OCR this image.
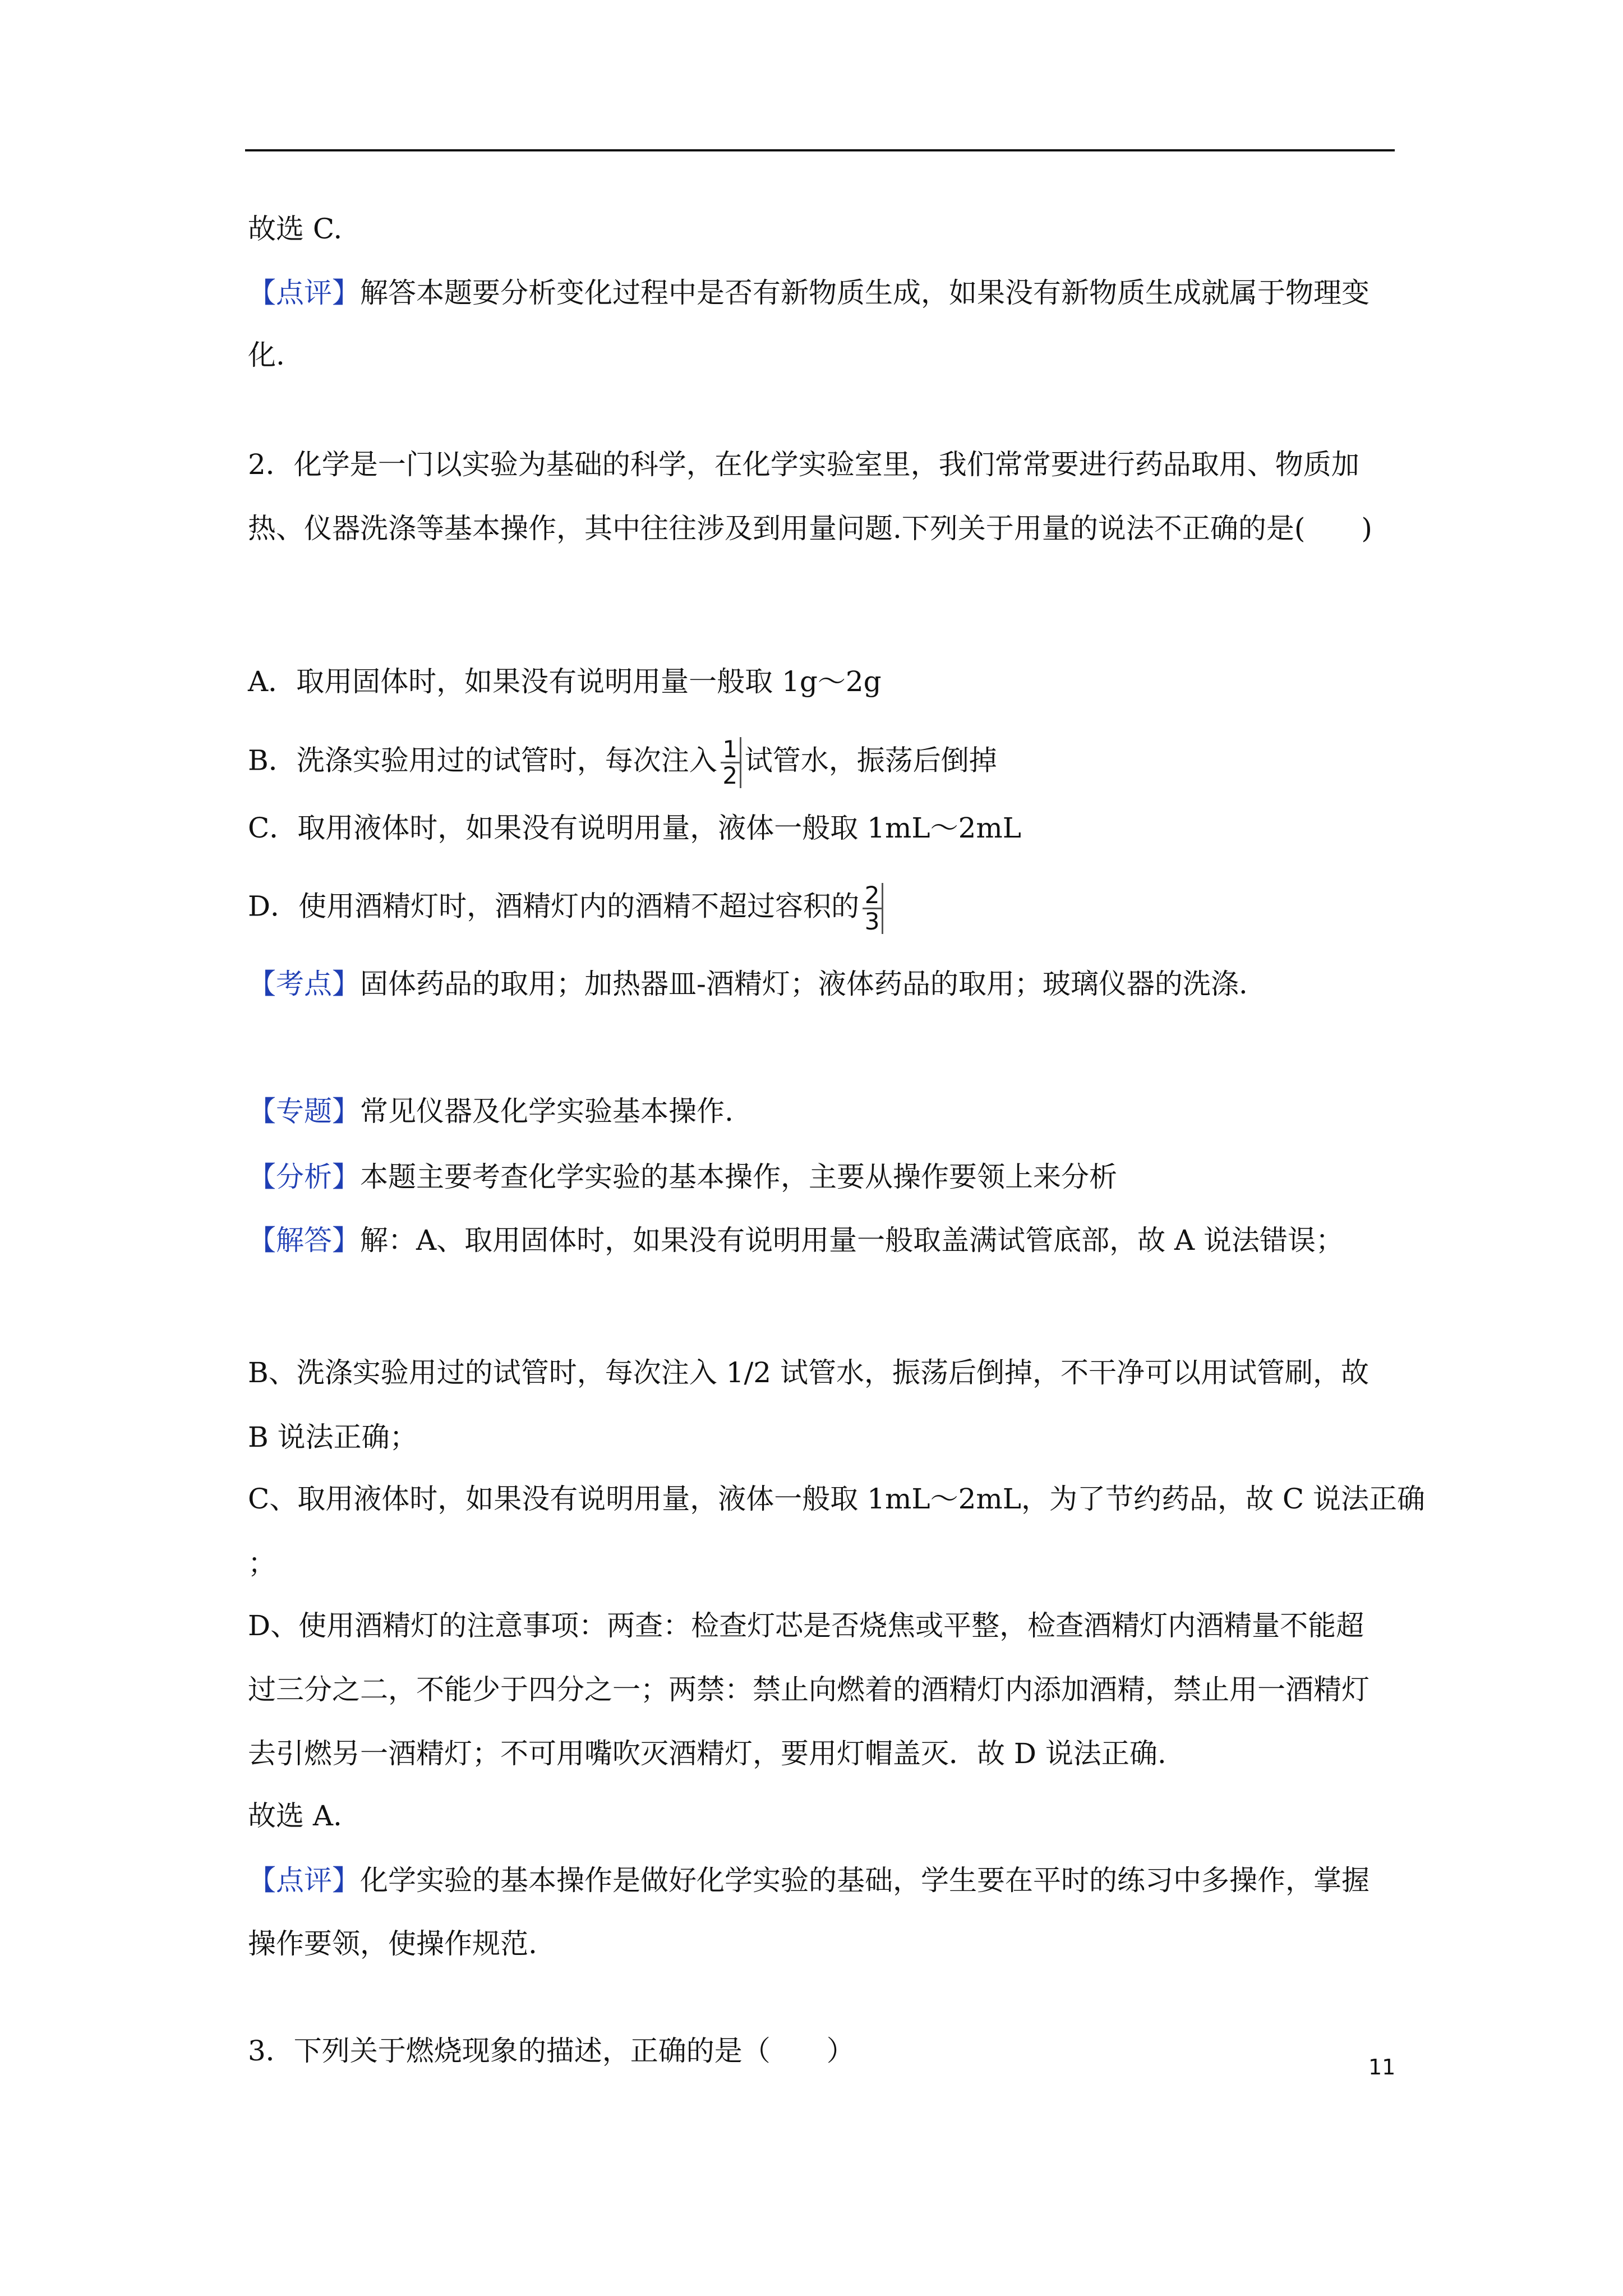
故选 C.
【点评】解答本题要分析变化过程中是否有新物质生成，如果没有新物质生成就属于物理变
化.
2．化学是一门以实验为基础的科学，在化学实验室里，我们常常要进行药品取用、物质加
热、仪器洗涤等基本操作，其中往往涉及到用量问题.下列关于用量的说法不正确的是(　　)
A．取用固体时，如果没有说明用量一般取 1g～2g
B．洗涤实验用过的试管时，每次注入 $\frac{1}{2}$ 试管水，振荡后倒掉
C．取用液体时，如果没有说明用量，液体一般取 1mL～2mL
D．使用酒精灯时，酒精灯内的酒精不超过容积的 $\frac{2}{3}$
【考点】固体药品的取用；加热器皿-酒精灯；液体药品的取用；玻璃仪器的洗涤.
【专题】常见仪器及化学实验基本操作.
【分析】本题主要考查化学实验的基本操作，主要从操作要领上来分析
【解答】解：A、取用固体时，如果没有说明用量一般取盖满试管底部，故 A 说法错误；
B、洗涤实验用过的试管时，每次注入 1/2 试管水，振荡后倒掉，不干净可以用试管刷，故
B 说法正确；
C、取用液体时，如果没有说明用量，液体一般取 1mL～2mL，为了节约药品，故 C 说法正确
；
D、使用酒精灯的注意事项：两查：检查灯芯是否烧焦或平整，检查酒精灯内酒精量不能超
过三分之二，不能少于四分之一；两禁：禁止向燃着的酒精灯内添加酒精，禁止用一酒精灯
去引燃另一酒精灯；不可用嘴吹灭酒精灯，要用灯帽盖灭．故 D 说法正确.
故选 A.
【点评】化学实验的基本操作是做好化学实验的基础，学生要在平时的练习中多操作，掌握
操作要领，使操作规范.
3．下列关于燃烧现象的描述，正确的是（　　）	11
